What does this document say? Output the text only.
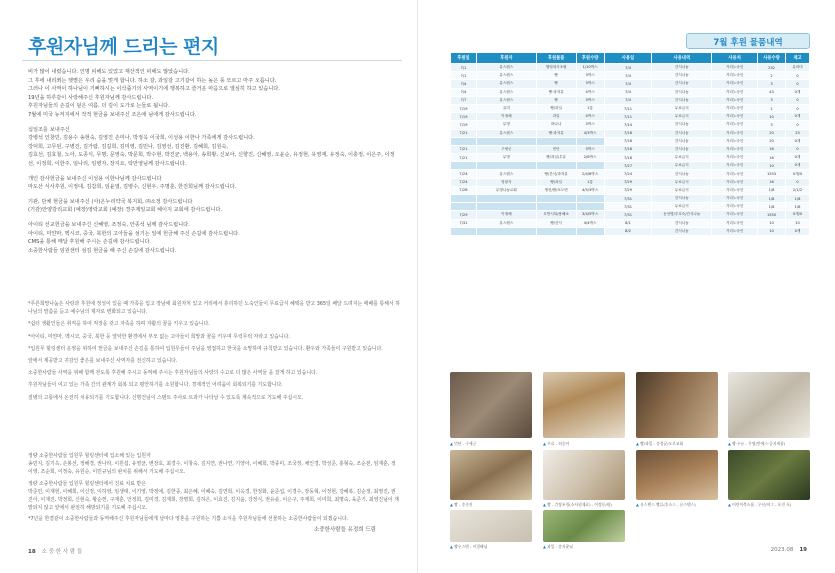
후원자님께 드리는 편지

비가 많이 내렸습니다. 인명 피해도 있었고 재산적인 피해도 많았습니다.
그 후에 내리쬐는 햇볕은 우리 숨을 멎게 합니다. 하소 갈, 과일갈 고기갈이 하는 높은 풍 모르고 마주 오릅니다.
그러나 이 사역이 하나님이 기뻐하시는 이삭줍기의 사역이기에 행복하고 즐거운 마음으로 열심히 하고 있습니다.
19년을 하루같이 사랑해주신 후원자님께 감사드립니다.
후원자님들의 손길이 덮은 여름, 더 깊이 도가로 는들로 됩니다.
7월에 미국 뉴저지에서 작적 현금을 보내주신 조은애 님에게 감사드립니다.

십일조를 보내주신
강병석 인창민, 김용수 송현숙, 김영진 손미나, 박정옥 이국희, 이성용 이한나 가족에게 감사드립니다.
강덕희, 고무된, 구병진, 김가람, 김길희, 김미영, 김민나, 김영선, 김진환, 김혜희, 김원숙,
김효선, 김효철, 노아, 도종식, 무명, 문영숙, 박문희, 박수현, 박진균, 백용아, 송희황, 신보아, 신향진, 신혜영, 오윤순, 유정현, 유영재, 유정숙, 이충정, 이은주, 이정선, 이정희, 이한주, 임나리, 임병자, 장지요, 탁만영님께 감사드립니다.

개인 감사헌금을 보내주신 이성용 이한나님께 감사드립니다
마도산 식사후원, 이정대, 김갑희, 임윤열, 김병수, 신현우, 주명훈, 한진희님께 감사드립니다.

기관, 단체 현금을 보내주신 (사)온누리약국 복지회, ㈜소정 감사드립니다
(기감)안양감리교회 (예장)영락교회 (예장) 경주제일교회 헤이지 교회에 감사드립니다.

아이티 선교헌금을 보내주신 신혜영, 조정숙, 안종석 님께 감사드립니다.
아이티, 미얀마, 멕시코, 중국, 북한의 고아들을 섬기는 일에 헌금해 주신 손길에 감사드립니다.
CMS을 통해 매달 후원해 주시는 손길에 감사드립니다.
소중한사람들 임원센터 섬김 현금을 해 주신 손길에 감사드립니다.

*푸른희망나눔은 사랑과 후원에 정성이 있을 때 가족을 입고 장남에 회원자처 있고 거리에서 휴리하던 노숙인들이 무료급식 혜택을 받고 365일 배달 드려지는 매배를 통해서 하나님의 말씀을 듣고 예수님의 제자로 변화되고 있습니다.

*쉼터 생활인들은 취직을 하여 직장을 갖고 자족을 하며 자활의 꿈을 키우고 있습니다.

*아이티, 미얀마, 멕시코, 중국, 북한 등 열악한 환경에서 부모 없는 고아들이 희망과 꿈을 키우며 무럭무럭 자라고 있습니다.

*입원무 힐링센터 운영을 위하여 헌금을 보내주신 손길을 통하여 입원무들이 주님을 영접하고 한국을 소망하며 규칙받고 있습니다. 환우와 가족들이 구원받고 있습니다.

앞에서 제공받고 귀감인 좋은를 보내주신 사역자를 전신하고 있습니다.

소중한사람들 사역을 위해 함께 걷도록 후원해 주시고 동역해 주시는 후원자님들의 사랑의 수고로 더 많은 사역들 을 잘게 하고 있습니다.

후원자님들이 여고 있는 가족 간의 관계가 회복 되고 평안하기를 소원합니다. 경제적인 어려움이 회복되기를 기도합니다.

질병의 고통에서 온전히 치유되기를 기도합니다. 신명건님이 스텐트 주사로 트과가 나타날 수 있도록 계속적으로 기도해 주십시오.

정량 소중한사람들 입원무 힐링센터에 입소해 있는 입원자
송민지, 김기옥, 손봉선, 정해경, 권나라, 이원섭, 유영균, 변장호, 최경수, 이창숙, 김지연, 권나연, 기양아, 이혜희, 박종미, 조국정, 채인경, 박성준, 홍형숙, 조순천, 임재훈, 정이영, 조순희, 이정숙, 유원순, 이민규님의 완치를 위해서 기도해 주십시오.
정량 소중한사람들 입원무 힐링센터에서 진료 치료 받은
박준민, 이재현, 이혜희, 이신정, 이하영, 임생태, 이기영, 박정애, 김한종, 최은혜, 이혜숙, 김연희, 이옥경, 한정화, 윤준섭, 이경수, 장동혁, 이정현, 강혜복, 김순정, 최영진, 권진아, 이재진, 박정희, 신현숙, 황순헌, 구재훈, 인정희, 김미경, 김재희, 장명희, 김하은, 이효진, 김지윤, 강정식, 권유솔, 이은구, 주재희, 이미희, 최명숙, 육준기, 최영진님이 재발되지 않고 앞에서 완전히 해방되기를 기도해 주십시오.
*7년을 한결같이 소중한사람들과 동역해주신 후원자님들에게 날마다 영혼을 구원하는 기쁨 소식을 후원자님들에 선물하는 소중한사람들이 되겠습니다.
소중한사람들 유정희 드림
18 소 중 한 사 람 들
7월 후원 물품내역
후원일	후원자	후원물품	후원수량	사용일	사용내역	사용처	사용수량	재고
7/1	유스텐스	행렬복사조립	1/10박스	7/4	간식나눔	거리노숙인	232	유의미
7/1	유스텐스	빵	3박스	7/4	간식나눔	거리노숙인	2	0
7/4	유스텐스	빵	3박스	7/4	간식나눔	거리노숙인	3	0
7/4	유스텐스	빵·과자류	4박스	7/4	간식나눔	거리노숙인	43	0개
7/7	유스텐스	빵	3박스	7/4	간식나눔	거리노숙인	3	0
7/19	유미	빵/과일	1통	7/11	무료급식	거리노숙인	1	0
7/19	이정혜	과일	4박스	7/11	무료급식	거리노숙인	10	0개
7/19	무명	바나나	3박스	7/14	간식나눔	거리노숙인	3	0
7/21	유스텐스	빵·과자류	4/3박스	7/18	간식나눔	거리노숙인	20	25
				7/18	간식나눔	거리노숙인	20	0개
7/21	구세군	빈단	3박스	7/18	간식나눔	거리노숙인	16	0
7/21	무명	빵/과일/우유	2/8박스	7/18	무료급식	거리노숙인	16	0개
				7/27	무료급식	거리노숙인	10	0개
7/24	유스텐스	빵/간식/과자류	2/4/6박스	7/24	간식나눔	거리노숙인	1553	0개/0
7/24	영광식	빵/과일	1통	7/29	무료급식	거리노숙인	16	0
7/28	무명나눔교회	생선/쌀/포도빈	4/5/3박스	7/29	무료급식	거리노숙인	1/8	2/1/2
				7/31	간식나눔	거리노숙인	1/8	1/8
				7/31	무료급식	거리노숙인	1/8	1/8
7/29	이정혜	호반식복/용해소	3/4/5박스	7/31	동선병/우호숙/간식나눔	거리노숙인	1550	0개/0
7/31	유스텐스	빵/간식	4/4박스	8/1	간식나눔	거리노숙인	10	10
				8/2	간식나눔	거리노숙인	10	0개
▲ 빈단 - 구세군	▲ 무료 - 허승아	▲ 빵/과일 - 송경균/오로교회	▲ 빵·우유 - 무명(반에스·공지제품)
▲ 빵 - 송죽진	▲ 빵 - 간장조림(소사원재료) - 이정동/원)	▲ 유스텐스 빵류(후소스 - 유스텐스)	▲ 어린이축소품 - 무산/머그 - 포진 포)
▲ 빵우스텐 - 이경혜님	▲ 과일 - 송지윤님
2023.08 19
